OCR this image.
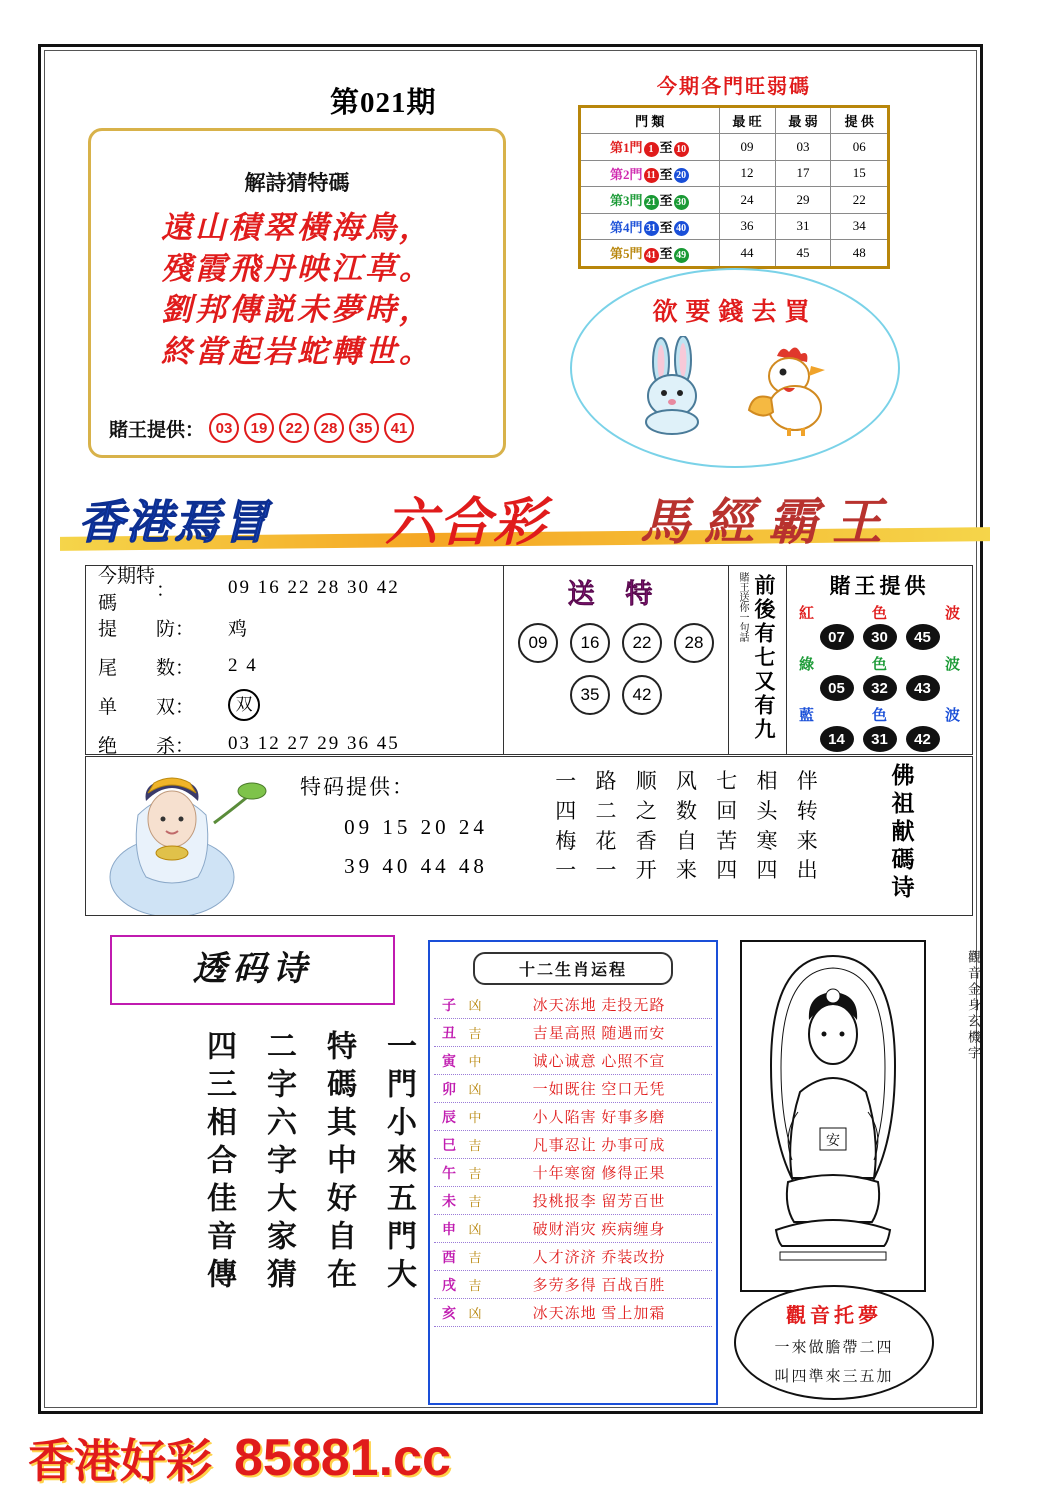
第021期
解詩猜特碼
遠山積翠橫海鳥，
殘霞飛丹映江草。
劉邦傳説未夢時，
終當起岩蛇轉世。
賭王提供： 03	19	22	28	35	41
今期各門旺弱碼
門 類	最 旺	最 弱	提 供
第1門 1 至 10	09	03	06
第2門 11 至 20	12	17	15
第3門 21 至 30	24	29	22
第4門 31 至 40	36	31	34
第5門 41 至 49	44	45	48
欲要錢去買
香港焉冒 六合彩 馬經霸王
今期特碼
：	09 16 22 28 30 42
提	防：	鸡
尾	数：	2 4
单	双：	双
绝	杀：	03 12 27 29 36 45
送 特
09	16	22	28
35	42
賭王送你一句話 前後有七又有九	賭王提供
紅	色	波
07	30	45
綠	色	波
05	32	43
藍	色	波
14	31	42
特码提供：
09 15 20 24
39 40 44 48
一 路 顺 风 七 相 伴
四 二 之 数 回 头 转
梅 花 香 自 苦 寒 来
一 一 开 来 四 四 出	佛祖献碼诗
透码诗
一門小來五門大
特碼其中好自在
二字六字大家猜
四三相合佳音傳
十二生肖运程
子 凶	冰天冻地 走投无路
丑 吉	吉星高照 随遇而安
寅 中	诚心诚意 心照不宣
卯 凶	一如既往 空口无凭
辰 中	小人陷害 好事多磨
巳 吉	凡事忍让 办事可成
午 吉	十年寒窗 修得正果
未 吉	投桃报李 留芳百世
申 凶	破财消灾 疾病缠身
酉 吉	人才济济 乔装改扮
戌 吉	多劳多得 百战百胜
亥 凶	冰天冻地 雪上加霜
安
觀音金身玄機字
觀音托夢
一來做膽帶二四
叫四準來三五加
香港好彩 85881.cc
